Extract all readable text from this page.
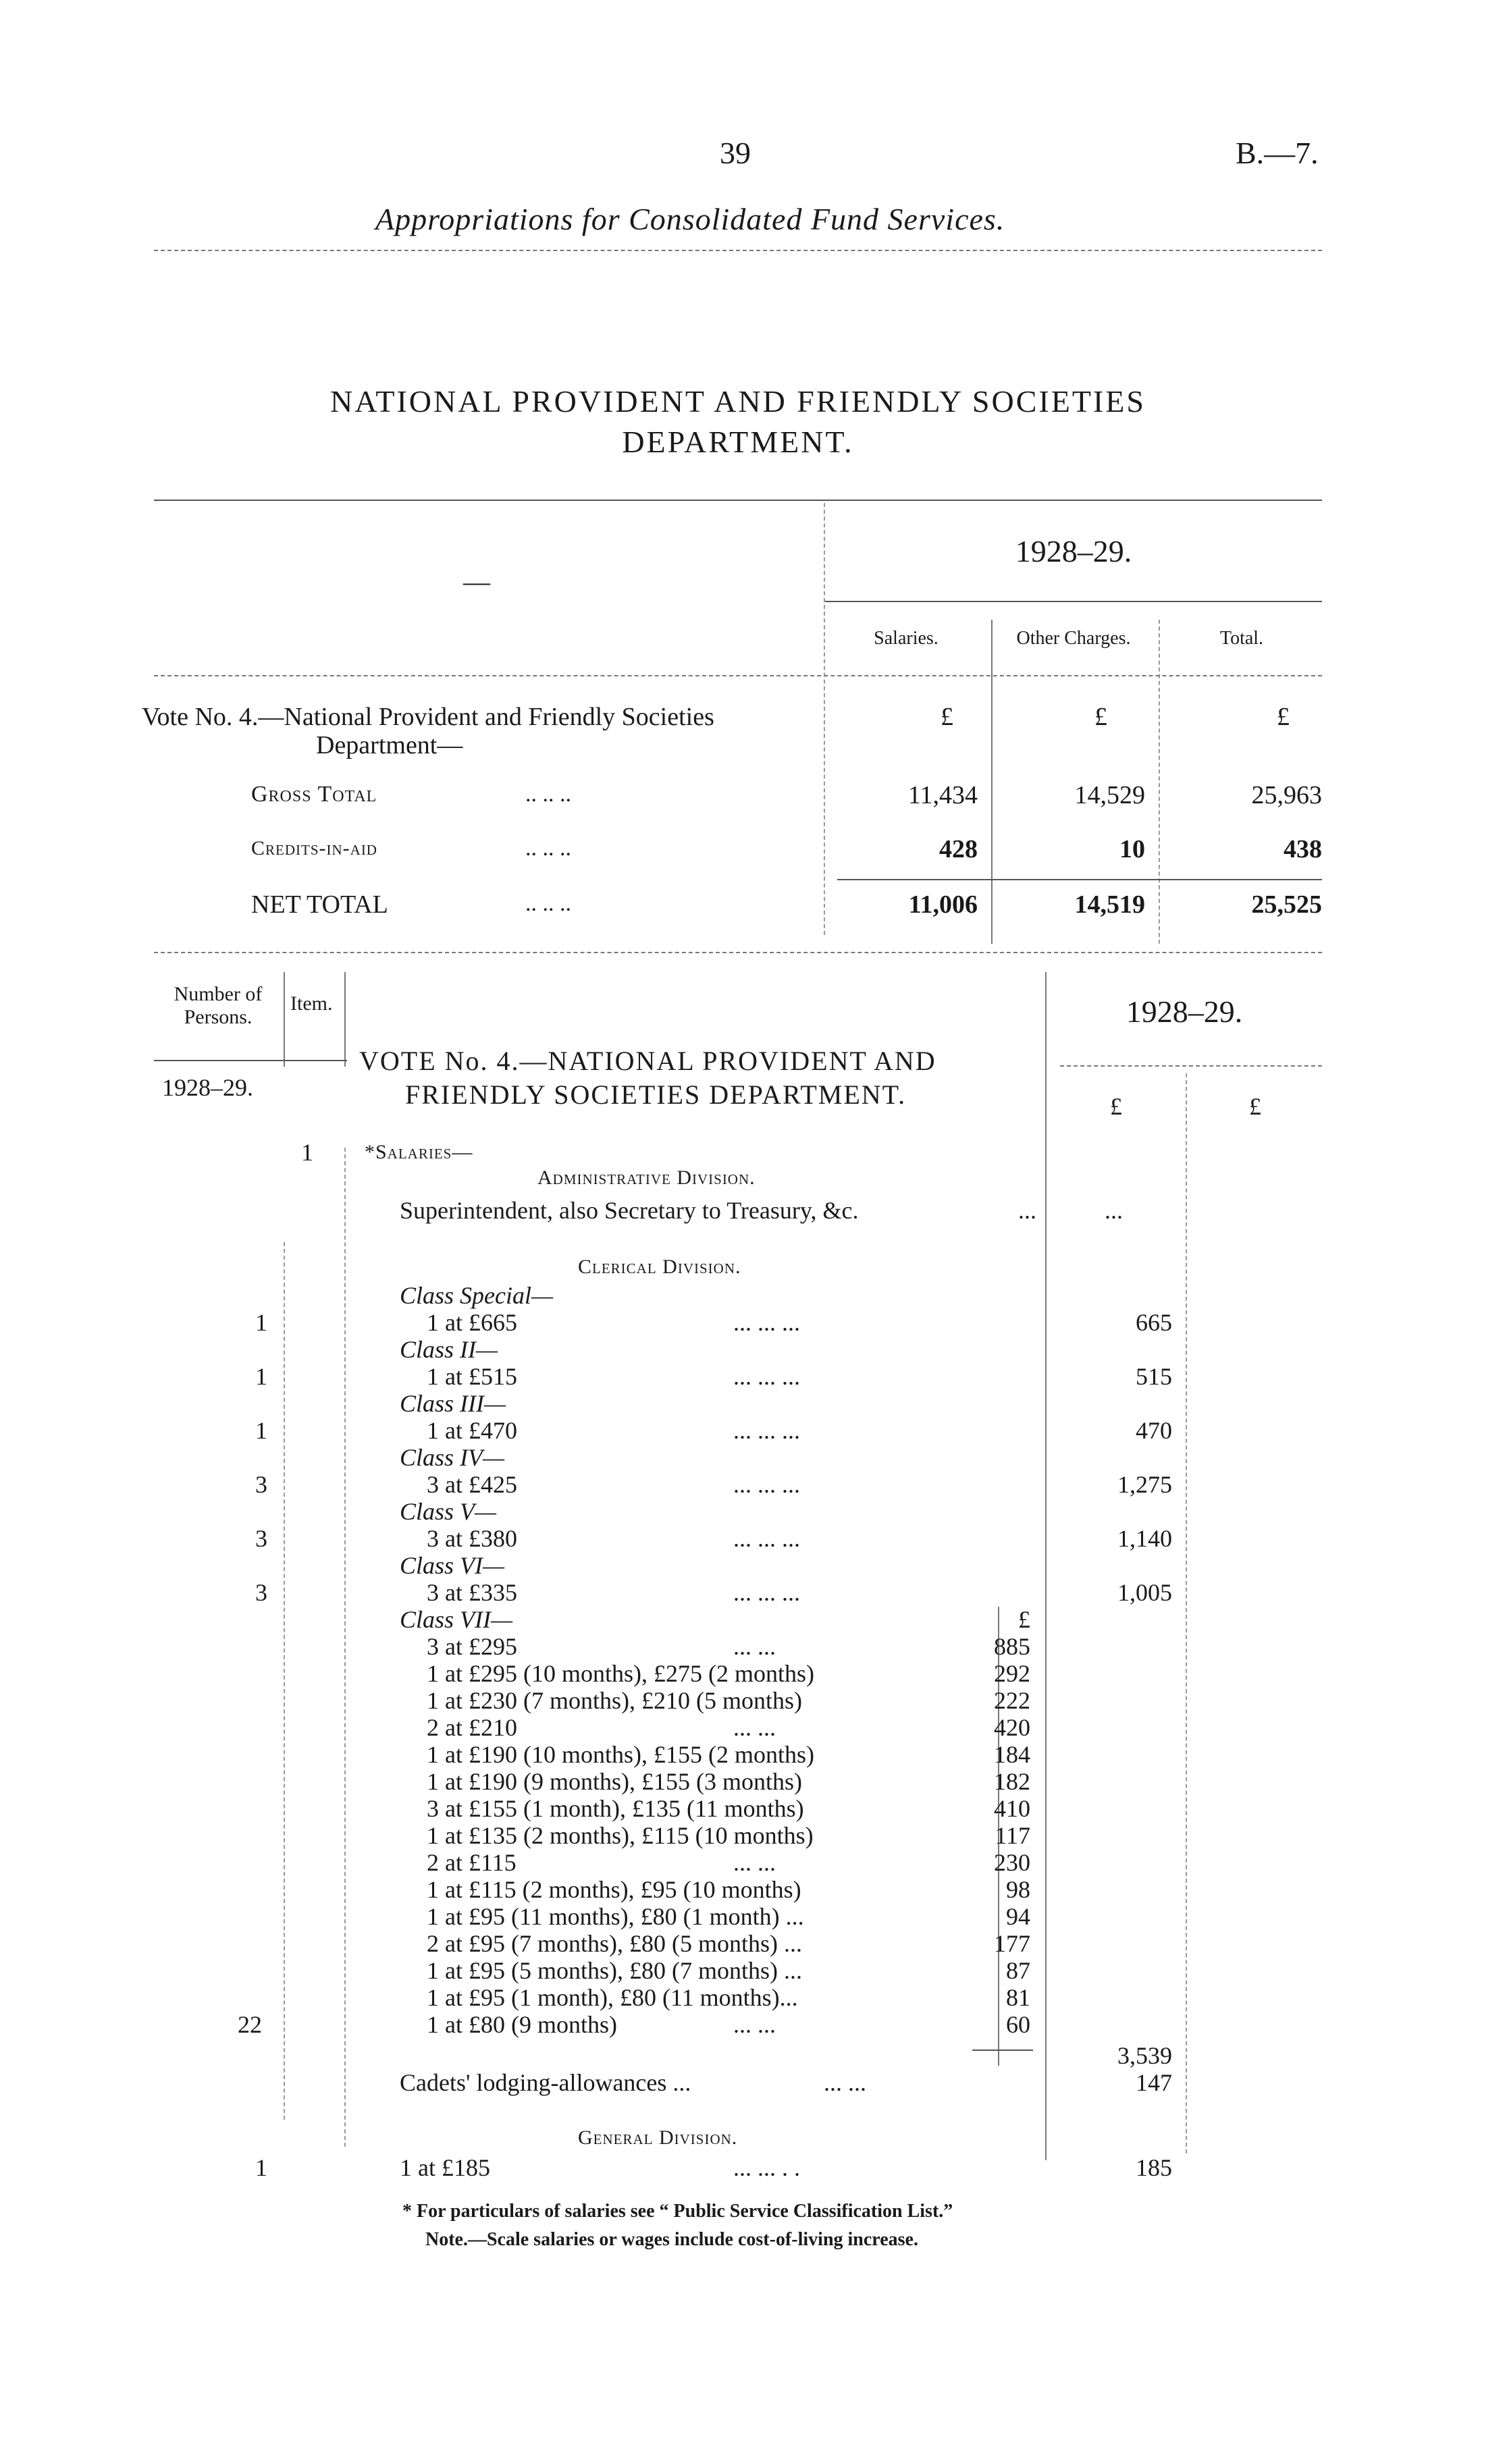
39	B.—7.
Appropriations for Consolidated Fund Services.
NATIONAL PROVIDENT AND FRIENDLY SOCIETIES
DEPARTMENT.
—
1928–29.
Salaries.	Other Charges.	Total.
Vote No. 4.—National Provident and Friendly Societies
Department—
£	£	£
Gross Total	.. .. ..	11,434	14,529	25,963
Credits-in-aid	.. .. ..	428	10	438
NET TOTAL	.. .. ..	11,006	14,519	25,525
Number of Persons.
Item.
1928–29.
1928–29.
£	£
VOTE No. 4.—NATIONAL PROVIDENT AND
FRIENDLY SOCIETIES DEPARTMENT.
1	*Salaries—
Administrative Division.
Superintendent, also Secretary to Treasury, &c.	...	...
Clerical Division.
Class Special—
1	1 at £665	... ... ...	665
Class II—
1	1 at £515	... ... ...	515
Class III—
1	1 at £470	... ... ...	470
Class IV—
3	3 at £425	... ... ...	1,275
Class V—
3	3 at £380	... ... ...	1,140
Class VI—
3	3 at £335	... ... ...	1,005
Class VII—	£
3 at £295	... ...	885
1 at £295 (10 months), £275 (2 months)	292
1 at £230 (7 months), £210 (5 months)	222
2 at £210	... ...	420
1 at £190 (10 months), £155 (2 months)	184
1 at £190 (9 months), £155 (3 months)	182
3 at £155 (1 month), £135 (11 months)	410
1 at £135 (2 months), £115 (10 months)	117
2 at £115	... ...	230
1 at £115 (2 months), £95 (10 months)	98
1 at £95 (11 months), £80 (1 month) ...	94
2 at £95 (7 months), £80 (5 months) ...	177
1 at £95 (5 months), £80 (7 months) ...	87
1 at £95 (1 month), £80 (11 months)...	81
22	1 at £80 (9 months)	... ...	60
3,539
Cadets' lodging-allowances ...	... ...	147
General Division.
1	1 at £185	... ... . .	185
* For particulars of salaries see “ Public Service Classification List.”
Note.—Scale salaries or wages include cost-of-living increase.
